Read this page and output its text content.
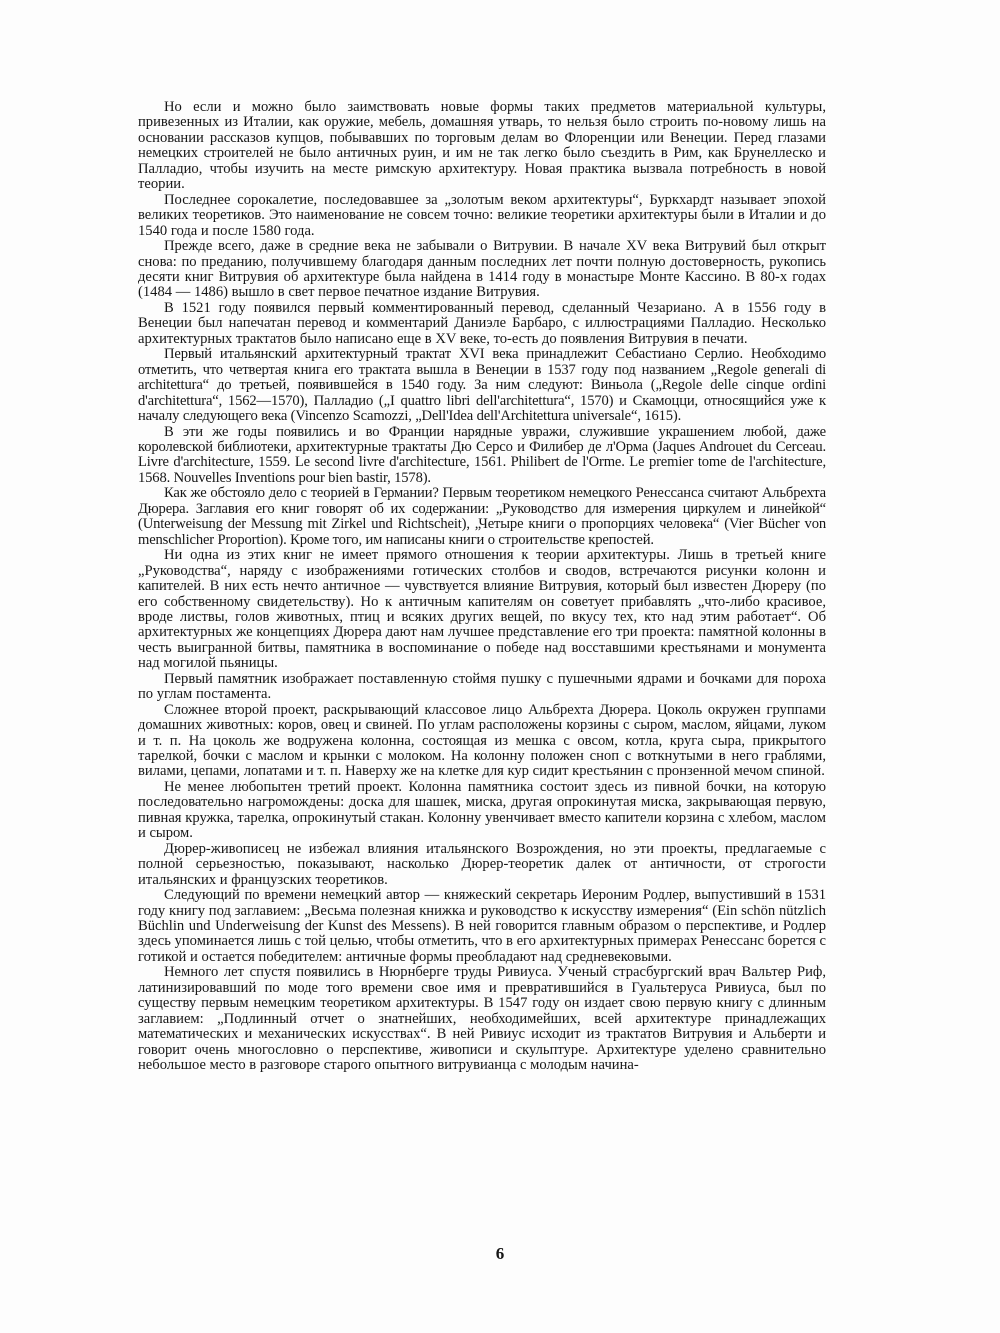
Но если и можно было заимствовать новые формы таких предметов материальной культуры, привезенных из Италии, как оружие, мебель, домашняя утварь, то нельзя было строить по-новому лишь на основании рассказов купцов, побывавших по торговым делам во Флоренции или Венеции. Перед глазами немецких строителей не было античных руин, и им не так легко было съездить в Рим, как Брунеллеско и Палладио, чтобы изучить на месте римскую архитектуру. Новая практика вызвала потребность в новой теории.

Последнее сорокалетие, последовавшее за „золотым веком архитектуры“, Буркхардт называет эпохой великих теоретиков. Это наименование не совсем точно: великие теоретики архитектуры были в Италии и до 1540 года и после 1580 года.

Прежде всего, даже в средние века не забывали о Витрувии. В начале XV века Витрувий был открыт снова: по преданию, получившему благодаря данным последних лет почти полную достоверность, рукопись десяти книг Витрувия об архитектуре была найдена в 1414 году в монастыре Монте Кассино. В 80-х годах (1484 — 1486) вышло в свет первое печатное издание Витрувия.

В 1521 году появился первый комментированный перевод, сделанный Чезариано. А в 1556 году в Венеции был напечатан перевод и комментарий Даниэле Барбаро, с иллюстрациями Палладио. Несколько архитектурных трактатов было написано еще в XV веке, то-есть до появления Витрувия в печати.

Первый итальянский архитектурный трактат XVI века принадлежит Себастиано Серлио. Необходимо отметить, что четвертая книга его трактата вышла в Венеции в 1537 году под названием „Regole generali di architettura“ до третьей, появившейся в 1540 году. За ним следуют: Виньола („Regole delle cinque ordini d'architettura“, 1562—1570), Палладио („I quattro libri dell'architettura“, 1570) и Скамоцци, относящийся уже к началу следующего века (Vincenzo Scamozzi, „Dell'Idea dell'Architettura universale“, 1615).

В эти же годы появились и во Франции нарядные увражи, служившие украшением любой, даже королевской библиотеки, архитектурные трактаты Дю Серсо и Филибер де л'Орма (Jaques Androuet du Cerceau. Livre d'architecture, 1559. Le second livre d'architecture, 1561. Philibert de l'Orme. Le premier tome de l'architecture, 1568. Nouvelles Inventions pour bien bastir, 1578).

Как же обстояло дело с теорией в Германии? Первым теоретиком немецкого Ренессанса считают Альбрехта Дюрера. Заглавия его книг говорят об их содержании: „Руководство для измерения циркулем и линейкой“ (Unterweisung der Messung mit Zirkel und Richtscheit), „Четыре книги о пропорциях человека“ (Vier Bücher von menschlicher Proportion). Кроме того, им написаны книги о строительстве крепостей.

Ни одна из этих книг не имеет прямого отношения к теории архитектуры. Лишь в третьей книге „Руководства“, наряду с изображениями готических столбов и сводов, встречаются рисунки колонн и капителей. В них есть нечто античное — чувствуется влияние Витрувия, который был известен Дюреру (по его собственному свидетельству). Но к античным капителям он советует прибавлять „что-либо красивое, вроде листвы, голов животных, птиц и всяких других вещей, по вкусу тех, кто над этим работает“. Об архитектурных же концепциях Дюрера дают нам лучшее представление его три проекта: памятной колонны в честь выигранной битвы, памятника в воспоминание о победе над восставшими крестьянами и монумента над могилой пьяницы.

Первый памятник изображает поставленную стоймя пушку с пушечными ядрами и бочками для пороха по углам постамента.

Сложнее второй проект, раскрывающий классовое лицо Альбрехта Дюрера. Цоколь окружен группами домашних животных: коров, овец и свиней. По углам расположены корзины с сыром, маслом, яйцами, луком и т. п. На цоколь же водружена колонна, состоящая из мешка с овсом, котла, круга сыра, прикрытого тарелкой, бочки с маслом и крынки с молоком. На колонну положен сноп с воткнутыми в него граблями, вилами, цепами, лопатами и т. п. Наверху же на клетке для кур сидит крестьянин с пронзенной мечом спиной.

Не менее любопытен третий проект. Колонна памятника состоит здесь из пивной бочки, на которую последовательно нагромождены: доска для шашек, миска, другая опрокинутая миска, закрывающая первую, пивная кружка, тарелка, опрокинутый стакан. Колонну увенчивает вместо капители корзина с хлебом, маслом и сыром.

Дюрер-живописец не избежал влияния итальянского Возрождения, но эти проекты, предлагаемые с полной серьезностью, показывают, насколько Дюрер-теоретик далек от античности, от строгости итальянских и французских теоретиков.

Следующий по времени немецкий автор — княжеский секретарь Иероним Родлер, выпустивший в 1531 году книгу под заглавием: „Весьма полезная книжка и руководство к искусству измерения“ (Ein schön nützlich Büchlin und Underweisung der Kunst des Messens). В ней говорится главным образом о перспективе, и Родлер здесь упоминается лишь с той целью, чтобы отметить, что в его архитектурных примерах Ренессанс борется с готикой и остается победителем: античные формы преобладают над средневековыми.

Немного лет спустя появились в Нюрнберге труды Ривиуса. Ученый страсбургский врач Вальтер Риф, латинизировавший по моде того времени свое имя и превратившийся в Гуальтеруса Ривиуса, был по существу первым немецким теоретиком архитектуры. В 1547 году он издает свою первую книгу с длинным заглавием: „Подлинный отчет о знатнейших, необходимейших, всей архитектуре принадлежащих математических и механических искусствах“. В ней Ривиус исходит из трактатов Витрувия и Альберти и говорит очень многословно о перспективе, живописи и скульптуре. Архитектуре уделено сравнительно небольшое место в разговоре старого опытного витрувианца с молодым начина-

6
